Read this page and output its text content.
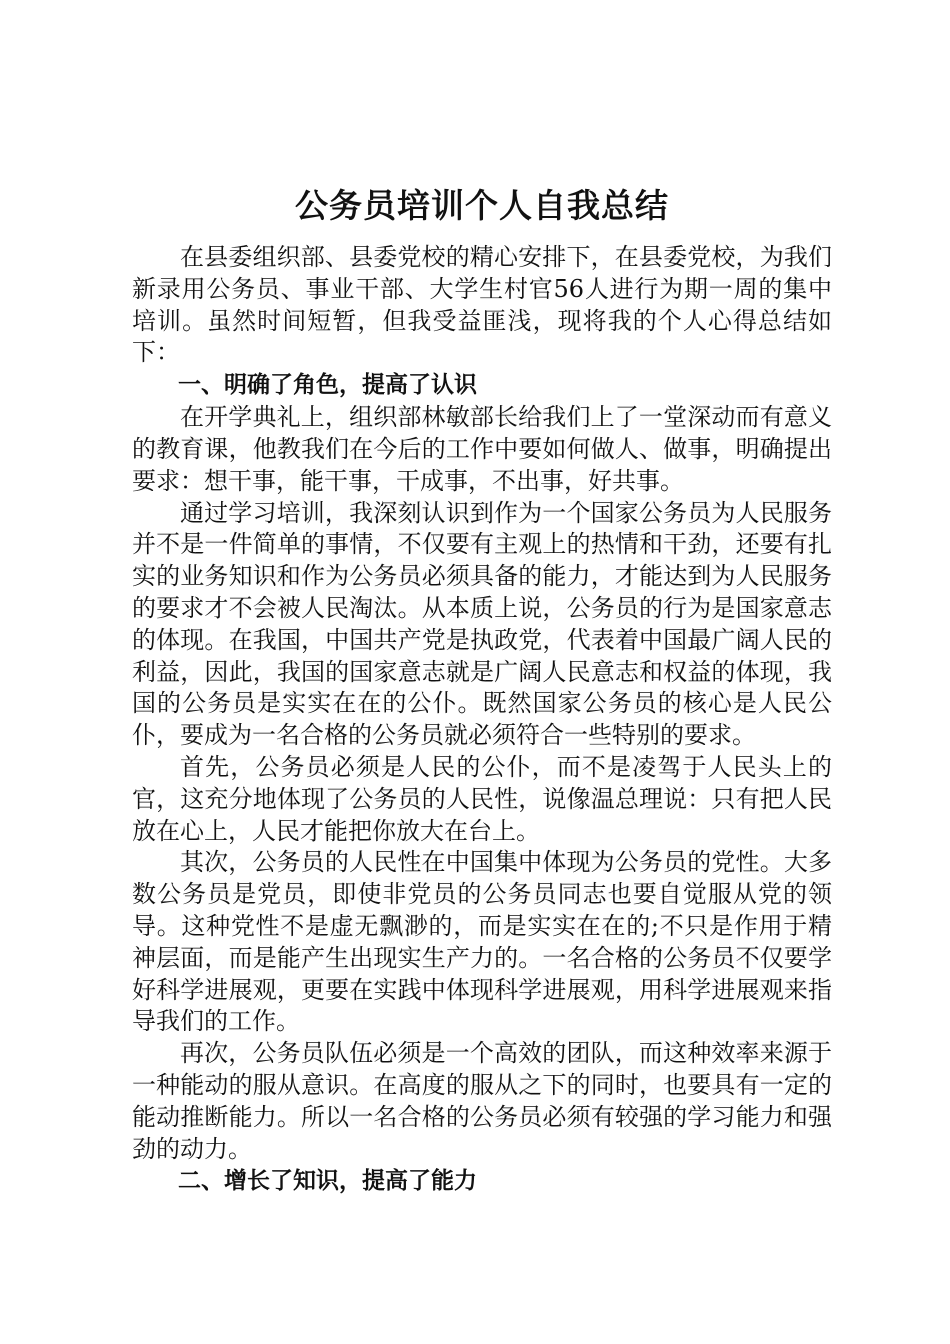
公务员培训个人自我总结

在县委组织部、县委党校的精心安排下，在县委党校，为我们新录用公务员、事业干部、大学生村官56人进行为期一周的集中培训。虽然时间短暂，但我受益匪浅，现将我的个人心得总结如下：

一、明确了角色，提高了认识

在开学典礼上，组织部林敏部长给我们上了一堂深动而有意义的教育课，他教我们在今后的工作中要如何做人、做事，明确提出要求：想干事，能干事，干成事，不出事，好共事。

通过学习培训，我深刻认识到作为一个国家公务员为人民服务并不是一件简单的事情，不仅要有主观上的热情和干劲，还要有扎实的业务知识和作为公务员必须具备的能力，才能达到为人民服务的要求才不会被人民淘汰。从本质上说，公务员的行为是国家意志的体现。在我国，中国共产党是执政党，代表着中国最广阔人民的利益，因此，我国的国家意志就是广阔人民意志和权益的体现，我国的公务员是实实在在的公仆。既然国家公务员的核心是人民公仆，要成为一名合格的公务员就必须符合一些特别的要求。

首先，公务员必须是人民的公仆，而不是凌驾于人民头上的官，这充分地体现了公务员的人民性，说像温总理说：只有把人民放在心上，人民才能把你放大在台上。

其次，公务员的人民性在中国集中体现为公务员的党性。大多数公务员是党员，即使非党员的公务员同志也要自觉服从党的领导。这种党性不是虚无飘渺的，而是实实在在的;不只是作用于精神层面，而是能产生出现实生产力的。一名合格的公务员不仅要学好科学进展观，更要在实践中体现科学进展观，用科学进展观来指导我们的工作。

再次，公务员队伍必须是一个高效的团队，而这种效率来源于一种能动的服从意识。在高度的服从之下的同时，也要具有一定的能动推断能力。所以一名合格的公务员必须有较强的学习能力和强劲的动力。

二、增长了知识，提高了能力
